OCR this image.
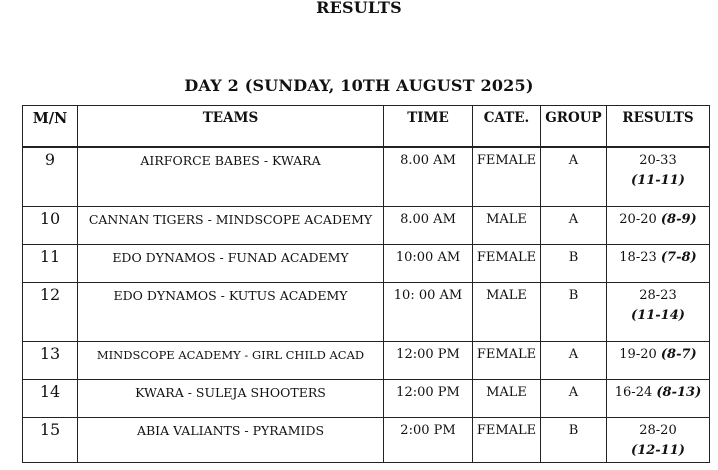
RESULTS
DAY 2 (SUNDAY, 10TH AUGUST 2025)
M/N	TEAMS	TIME	CATE.	GROUP	RESULTS

9	AIRFORCE BABES - KWARA	8.00 AM	FEMALE	A	20-33
(11-11)

10	CANNAN TIGERS - MINDSCOPE ACADEMY	8.00 AM	MALE	A	20-20 (8-9)

11	EDO DYNAMOS - FUNAD ACADEMY	10:00 AM	FEMALE	B	18-23 (7-8)

12	EDO DYNAMOS - KUTUS ACADEMY	10: 00 AM	MALE	B	28-23
(11-14)

13	MINDSCOPE ACADEMY - GIRL CHILD ACAD	12:00 PM	FEMALE	A	19-20 (8-7)

14	KWARA - SULEJA SHOOTERS	12:00 PM	MALE	A	16-24 (8-13)

15	ABIA VALIANTS - PYRAMIDS	2:00 PM	FEMALE	B	28-20
(12-11)
